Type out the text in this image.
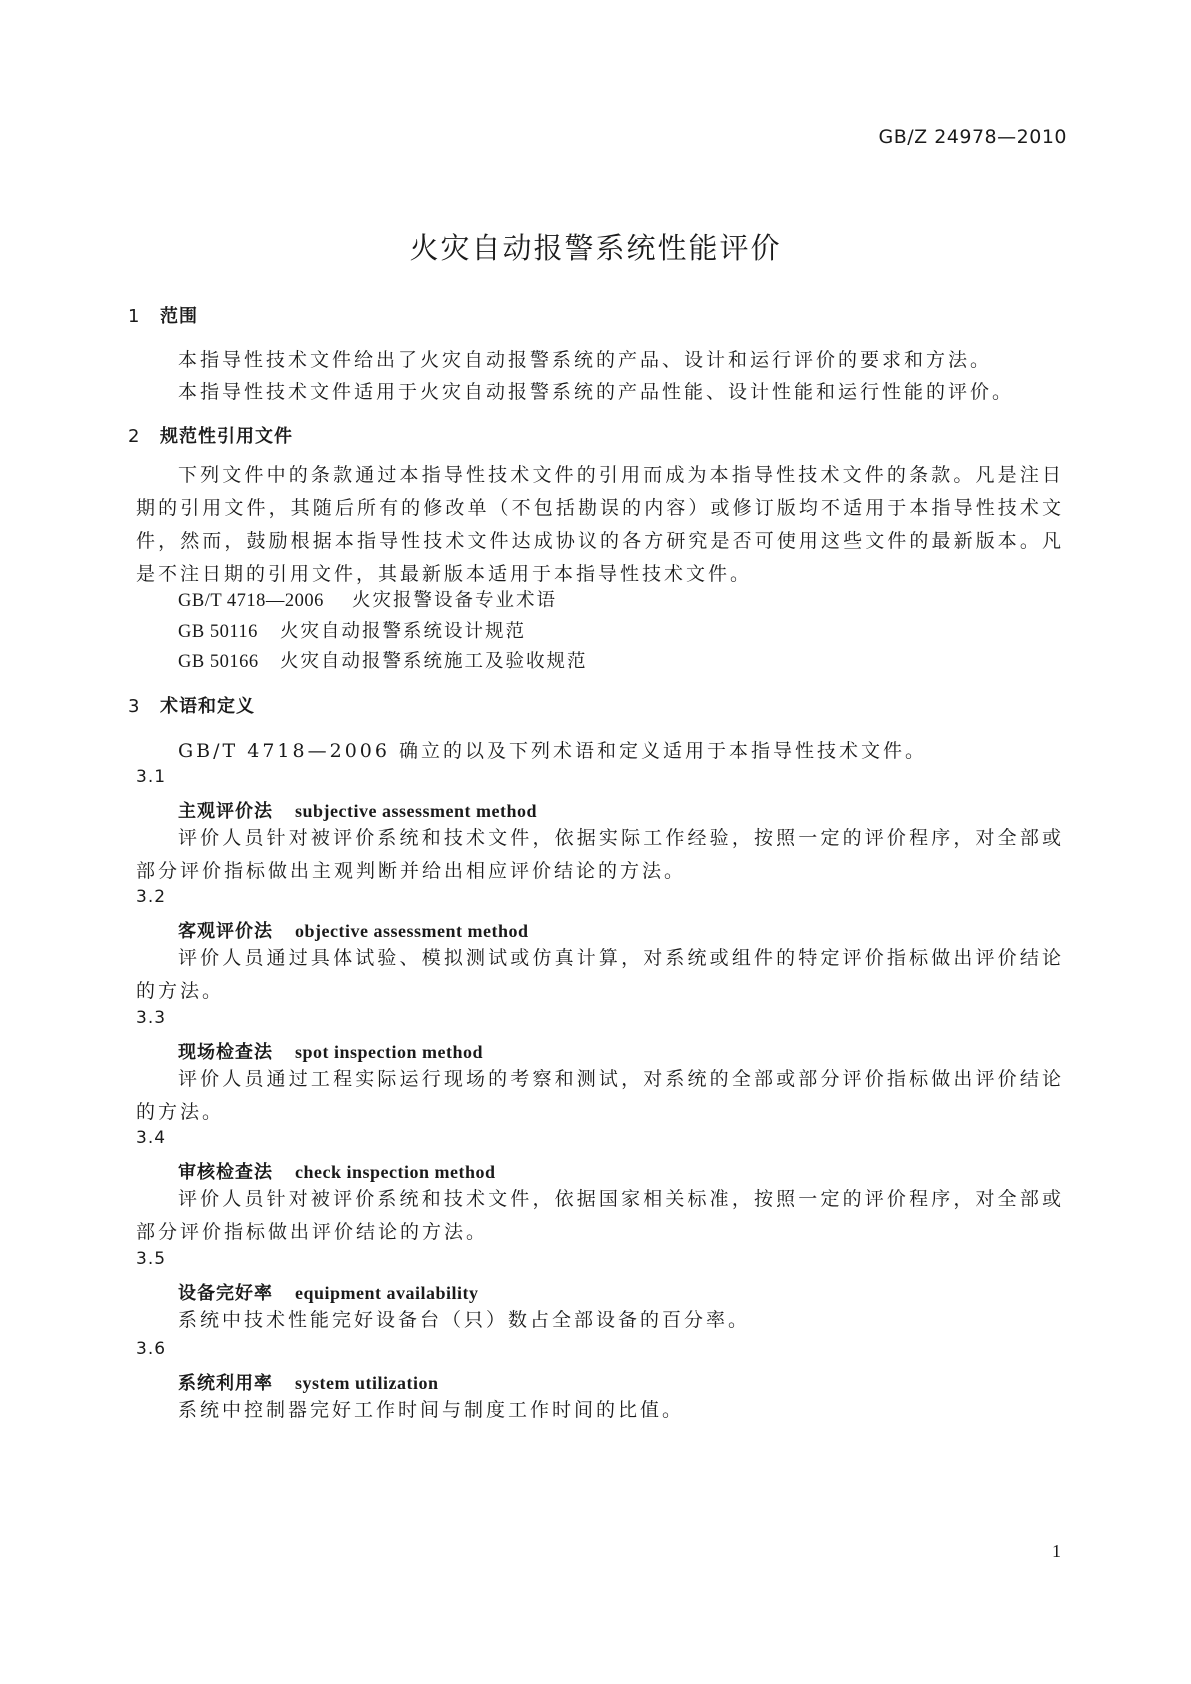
GB/Z 24978—2010
火灾自动报警系统性能评价
1 范围
本指导性技术文件给出了火灾自动报警系统的产品、设计和运行评价的要求和方法。
本指导性技术文件适用于火灾自动报警系统的产品性能、设计性能和运行性能的评价。
2 规范性引用文件
下列文件中的条款通过本指导性技术文件的引用而成为本指导性技术文件的条款。凡是注日期的引用文件，其随后所有的修改单（不包括勘误的内容）或修订版均不适用于本指导性技术文件，然而，鼓励根据本指导性技术文件达成协议的各方研究是否可使用这些文件的最新版本。凡是不注日期的引用文件，其最新版本适用于本指导性技术文件。
GB/T 4718—2006 火灾报警设备专业术语
GB 50116 火灾自动报警系统设计规范
GB 50166 火灾自动报警系统施工及验收规范
3 术语和定义
GB/T 4718—2006 确立的以及下列术语和定义适用于本指导性技术文件。
3.1
主观评价法 subjective assessment method
评价人员针对被评价系统和技术文件，依据实际工作经验，按照一定的评价程序，对全部或部分评价指标做出主观判断并给出相应评价结论的方法。
3.2
客观评价法 objective assessment method
评价人员通过具体试验、模拟测试或仿真计算，对系统或组件的特定评价指标做出评价结论的方法。
3.3
现场检查法 spot inspection method
评价人员通过工程实际运行现场的考察和测试，对系统的全部或部分评价指标做出评价结论的方法。
3.4
审核检查法 check inspection method
评价人员针对被评价系统和技术文件，依据国家相关标准，按照一定的评价程序，对全部或部分评价指标做出评价结论的方法。
3.5
设备完好率 equipment availability
系统中技术性能完好设备台（只）数占全部设备的百分率。
3.6
系统利用率 system utilization
系统中控制器完好工作时间与制度工作时间的比值。
1
